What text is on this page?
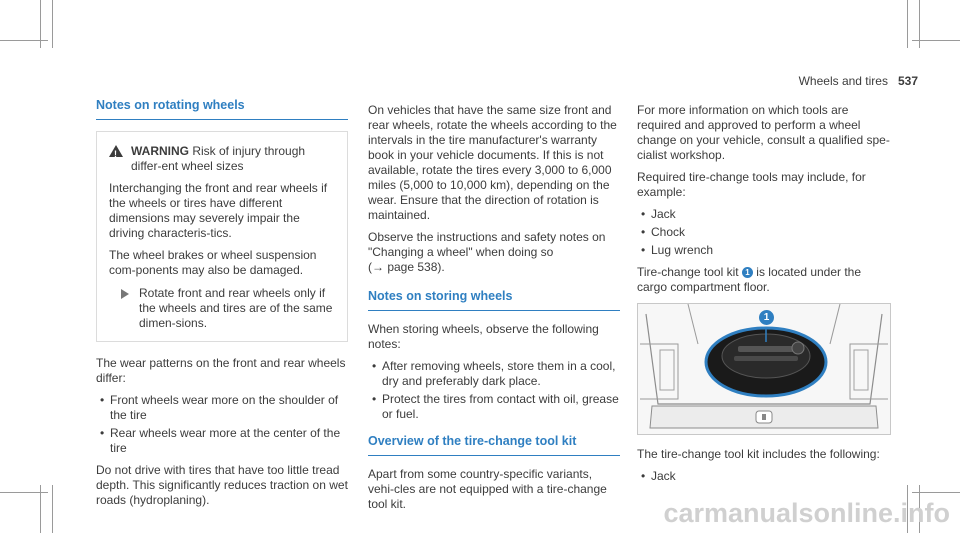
Wheels and tires 537
Notes on rotating wheels
! WARNING Risk of injury through differ-ent wheel sizes

Interchanging the front and rear wheels if the wheels or tires have different dimensions may severely impair the driving characteris-tics.

The wheel brakes or wheel suspension com-ponents may also be damaged.

Rotate front and rear wheels only if the wheels and tires are of the same dimen-sions.

The wear patterns on the front and rear wheels differ:

• Front wheels wear more on the shoulder of the tire
• Rear wheels wear more at the center of the tire

Do not drive with tires that have too little tread depth. This significantly reduces traction on wet roads (hydroplaning).

On vehicles that have the same size front and rear wheels, rotate the wheels according to the intervals in the tire manufacturer's warranty book in your vehicle documents. If this is not available, rotate the tires every 3,000 to 6,000 miles (5,000 to 10,000 km), depending on the wear. Ensure that the direction of rotation is maintained.

Observe the instructions and safety notes on "Changing a wheel" when doing so
(→ page 538).

Notes on storing wheels

When storing wheels, observe the following notes:

• After removing wheels, store them in a cool, dry and preferably dark place.
• Protect the tires from contact with oil, grease or fuel.
Overview of the tire-change tool kit

Apart from some country-specific variants, vehi-cles are not equipped with a tire-change tool kit.

For more information on which tools are required and approved to perform a wheel change on your vehicle, consult a qualified spe-cialist workshop.

Required tire-change tools may include, for example:

• Jack
• Chock
• Lug wrench

Tire-change tool kit 1 is located under the cargo compartment floor.

1

The tire-change tool kit includes the following:

• Jack
carmanualsonline.info
